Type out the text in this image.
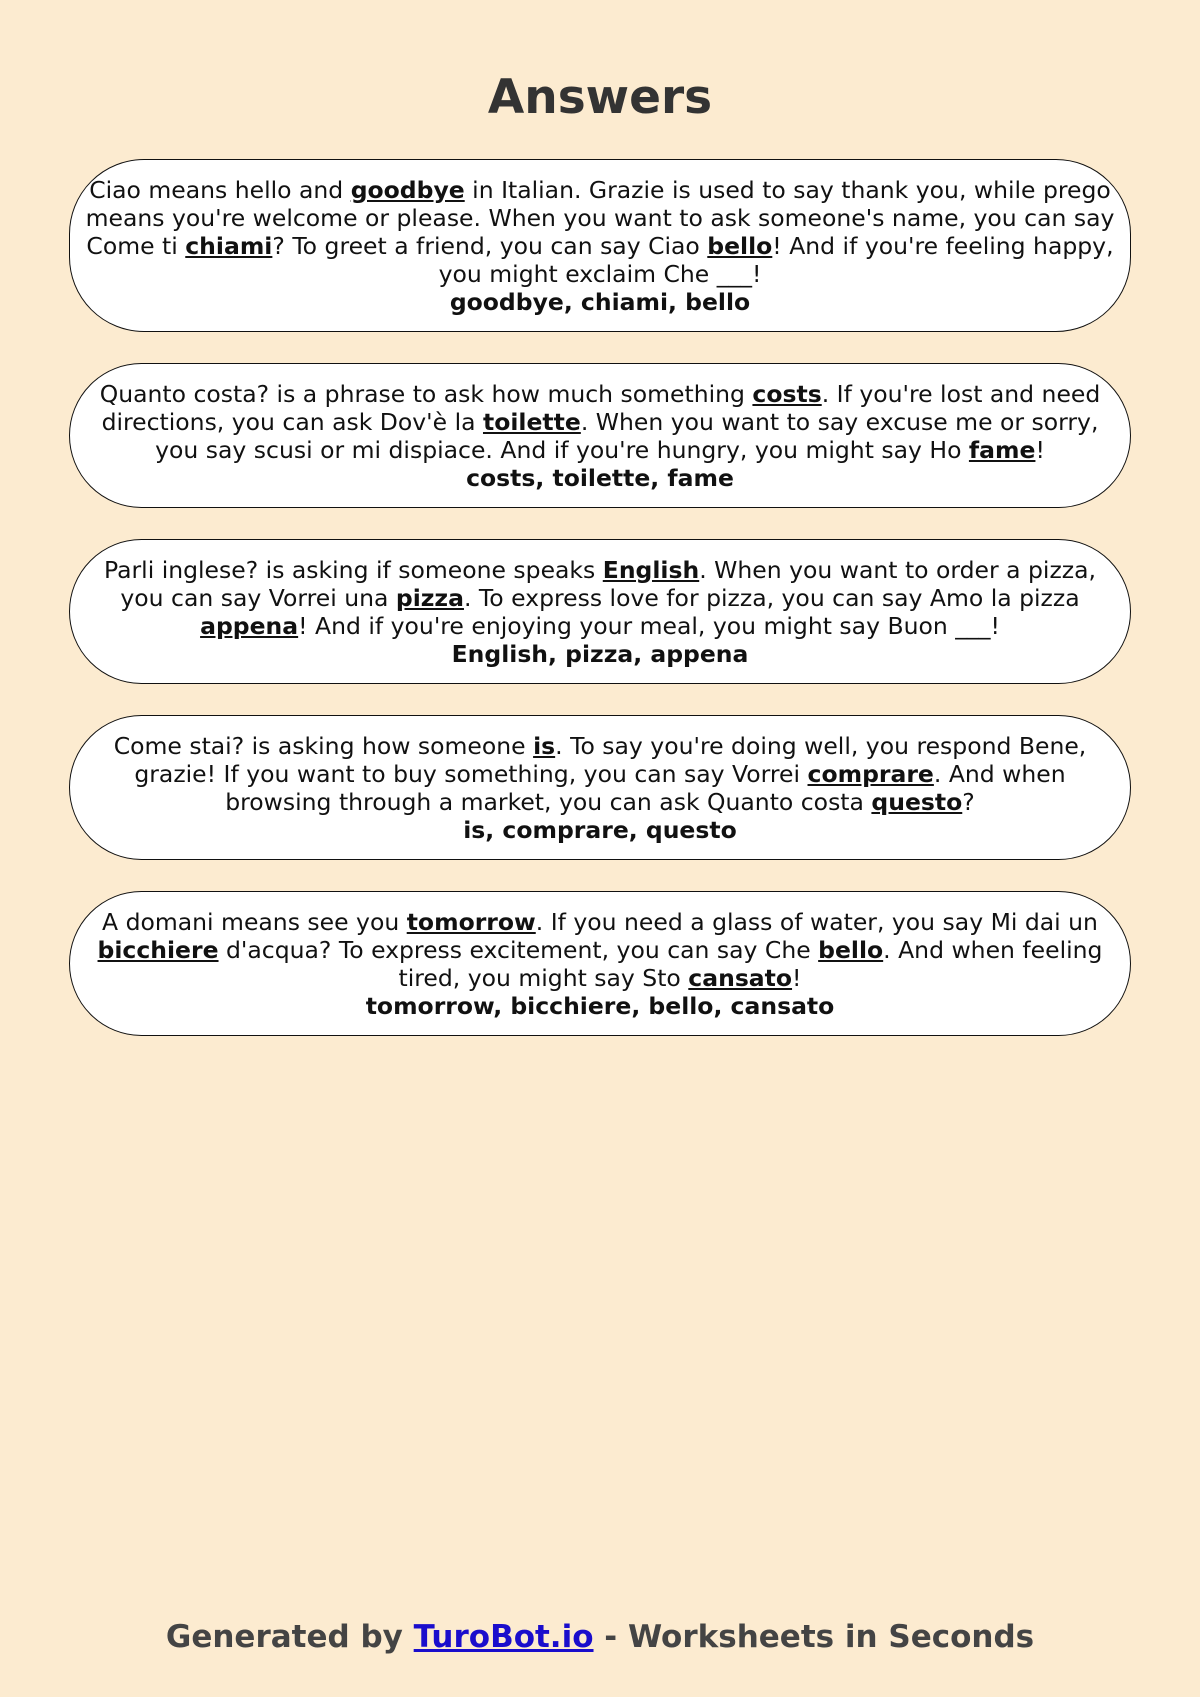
Answers

Ciao means hello and goodbye in Italian. Grazie is used to say thank you, while prego means you're welcome or please. When you want to ask someone's name, you can say Come ti chiami? To greet a friend, you can say Ciao bello! And if you're feeling happy, you might exclaim Che ___!

goodbye, chiami, bello

Quanto costa? is a phrase to ask how much something costs. If you're lost and need directions, you can ask Dov'è la toilette. When you want to say excuse me or sorry, you say scusi or mi dispiace. And if you're hungry, you might say Ho fame!

costs, toilette, fame

Parli inglese? is asking if someone speaks English. When you want to order a pizza, you can say Vorrei una pizza. To express love for pizza, you can say Amo la pizza appena! And if you're enjoying your meal, you might say Buon ___!

English, pizza, appena

Come stai? is asking how someone is. To say you're doing well, you respond Bene, grazie! If you want to buy something, you can say Vorrei comprare. And when browsing through a market, you can ask Quanto costa questo?

is, comprare, questo

A domani means see you tomorrow. If you need a glass of water, you say Mi dai un bicchiere d'acqua? To express excitement, you can say Che bello. And when feeling tired, you might say Sto cansato!

tomorrow, bicchiere, bello, cansato

Generated by TuroBot.io - Worksheets in Seconds
